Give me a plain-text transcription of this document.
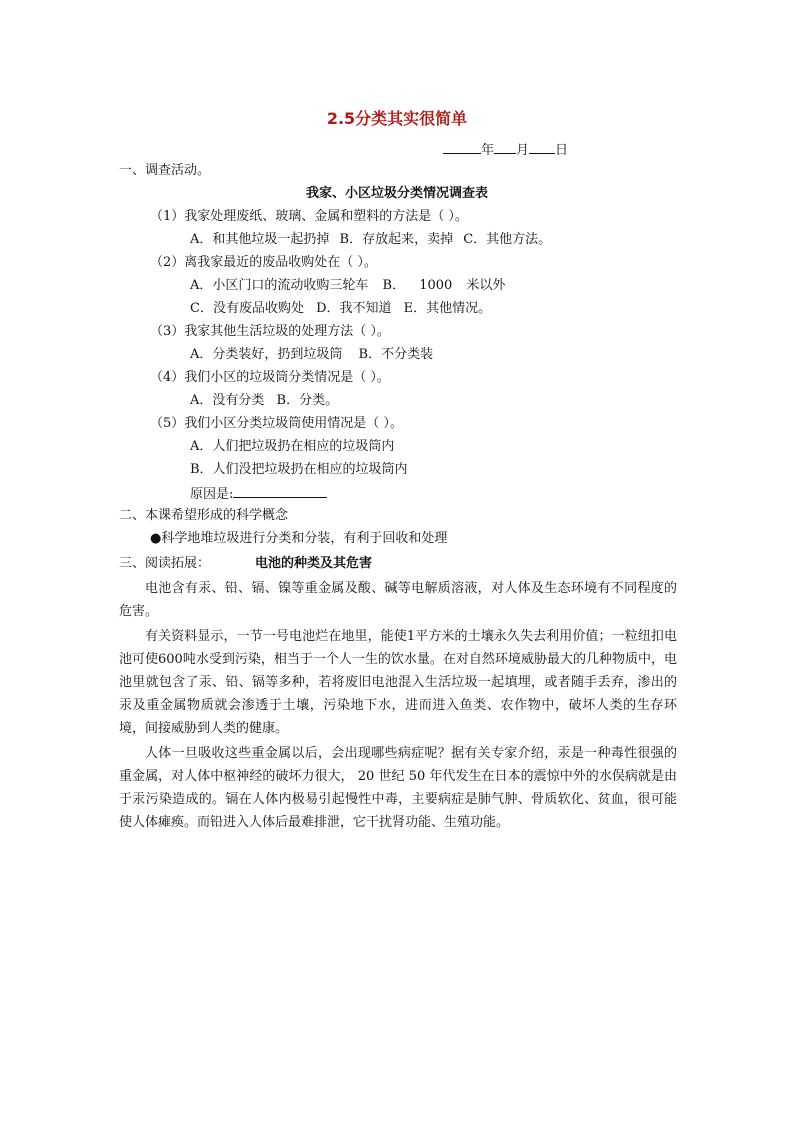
2.5分类其实很简单
年 月 日
一、调查活动。
我家、小区垃圾分类情况调查表
（1）我家处理废纸、玻璃、金属和塑料的方法是（ ）。
A．和其他垃圾一起扔掉 B．存放起来，卖掉 C．其他方法。
（2）离我家最近的废品收购处在（ ）。
A．小区门口的流动收购三轮车 B． 1000 米以外
C．没有废品收购处 D．我不知道 E．其他情况。
（3）我家其他生活垃圾的处理方法（ ）。
A．分类装好，扔到垃圾筒 B．不分类装
（4）我们小区的垃圾筒分类情况是（ ）。
A．没有分类 B．分类。
（5）我们小区分类垃圾筒使用情况是（ ）。
A．人们把垃圾扔在相应的垃圾筒内
B．人们没把垃圾扔在相应的垃圾筒内
原因是:
二、本课希望形成的科学概念
●科学地堆垃圾进行分类和分装，有利于回收和处理
三、阅读拓展：	电池的种类及其危害
电池含有汞、铅、镉、镍等重金属及酸、碱等电解质溶液，对人体及生态环境有不同程度的危害。
有关资料显示，一节一号电池烂在地里，能使1平方米的土壤永久失去利用价值；一粒纽扣电池可使600吨水受到污染，相当于一个人一生的饮水量。在对自然环境威胁最大的几种物质中，电池里就包含了汞、铅、镉等多种，若将废旧电池混入生活垃圾一起填埋，或者随手丢弃，渗出的汞及重金属物质就会渗透于土壤，污染地下水，进而进入鱼类、农作物中，破坏人类的生存环境，间接威胁到人类的健康。
人体一旦吸收这些重金属以后，会出现哪些病症呢？据有关专家介绍，汞是一种毒性很强的重金属，对人体中枢神经的破坏力很大， 20 世纪 50 年代发生在日本的震惊中外的水俣病就是由于汞污染造成的。镉在人体内极易引起慢性中毒，主要病症是肺气肿、骨质软化、贫血，很可能使人体瘫痪。而铅进入人体后最难排泄，它干扰肾功能、生殖功能。
